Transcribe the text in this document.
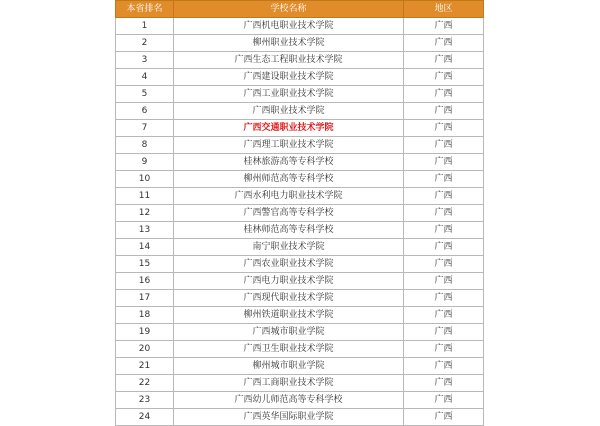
本省排名	学校名称	地区
1	广西机电职业技术学院	广西
2	柳州职业技术学院	广西
3	广西生态工程职业技术学院	广西
4	广西建设职业技术学院	广西
5	广西工业职业技术学院	广西
6	广西职业技术学院	广西
7	广西交通职业技术学院	广西
8	广西理工职业技术学院	广西
9	桂林旅游高等专科学校	广西
10	柳州师范高等专科学校	广西
11	广西水利电力职业技术学院	广西
12	广西警官高等专科学校	广西
13	桂林师范高等专科学校	广西
14	南宁职业技术学院	广西
15	广西农业职业技术学院	广西
16	广西电力职业技术学院	广西
17	广西现代职业技术学院	广西
18	柳州铁道职业技术学院	广西
19	广西城市职业学院	广西
20	广西卫生职业技术学院	广西
21	柳州城市职业学院	广西
22	广西工商职业技术学院	广西
23	广西幼儿师范高等专科学校	广西
24	广西英华国际职业学院	广西
